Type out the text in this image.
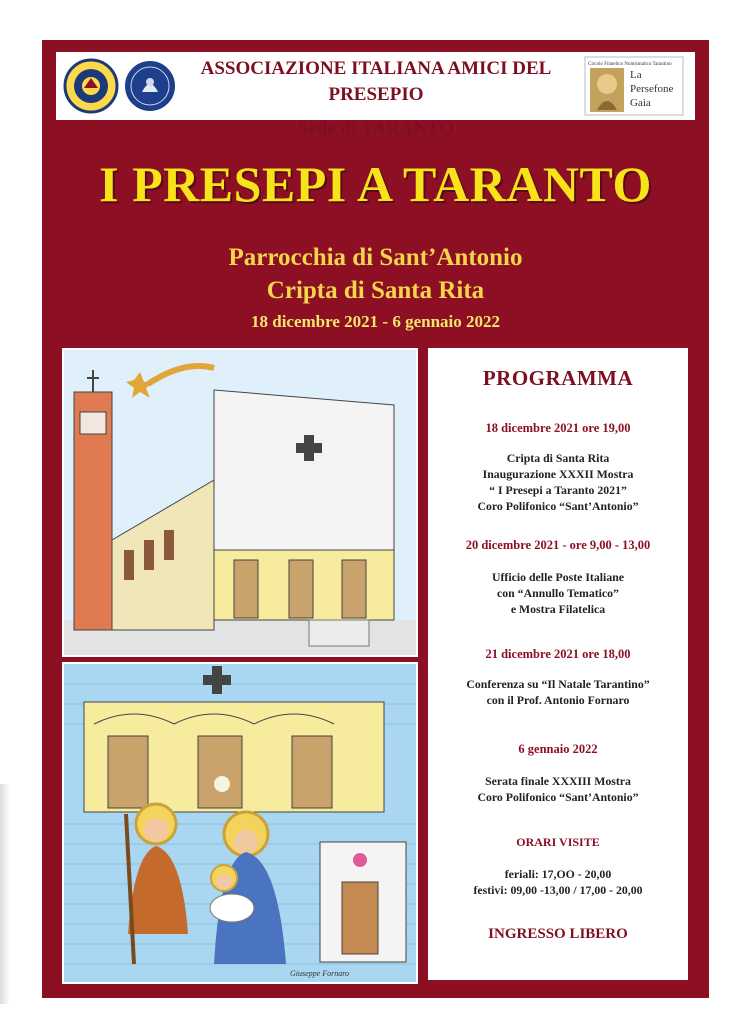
ASSOCIAZIONE ITALIANA AMICI DEL PRESEPIO
Sede di TARANTO
Circolo Filatelico Numismatico Tarantino
La
Persefone
Gaia
I PRESEPI A TARANTO
Parrocchia di Sant’Antonio
Cripta di Santa Rita
18 dicembre 2021 - 6 gennaio 2022
Giuseppe Fornaro
PROGRAMMA
18 dicembre 2021 ore 19,00
Cripta di Santa Rita
Inaugurazione XXXII Mostra
“ I Presepi a Taranto 2021”
Coro Polifonico “Sant’Antonio”
20 dicembre 2021 - ore 9,00 - 13,00
Ufficio delle Poste Italiane
con “Annullo Tematico”
e Mostra Filatelica
21 dicembre 2021 ore 18,00
Conferenza su “Il Natale Tarantino”
con il Prof. Antonio Fornaro
6 gennaio 2022
Serata finale XXXIII Mostra
Coro Polifonico “Sant’Antonio”
ORARI VISITE
feriali: 17,OO - 20,00
festivi: 09,00 -13,00 / 17,00 - 20,00
INGRESSO LIBERO
